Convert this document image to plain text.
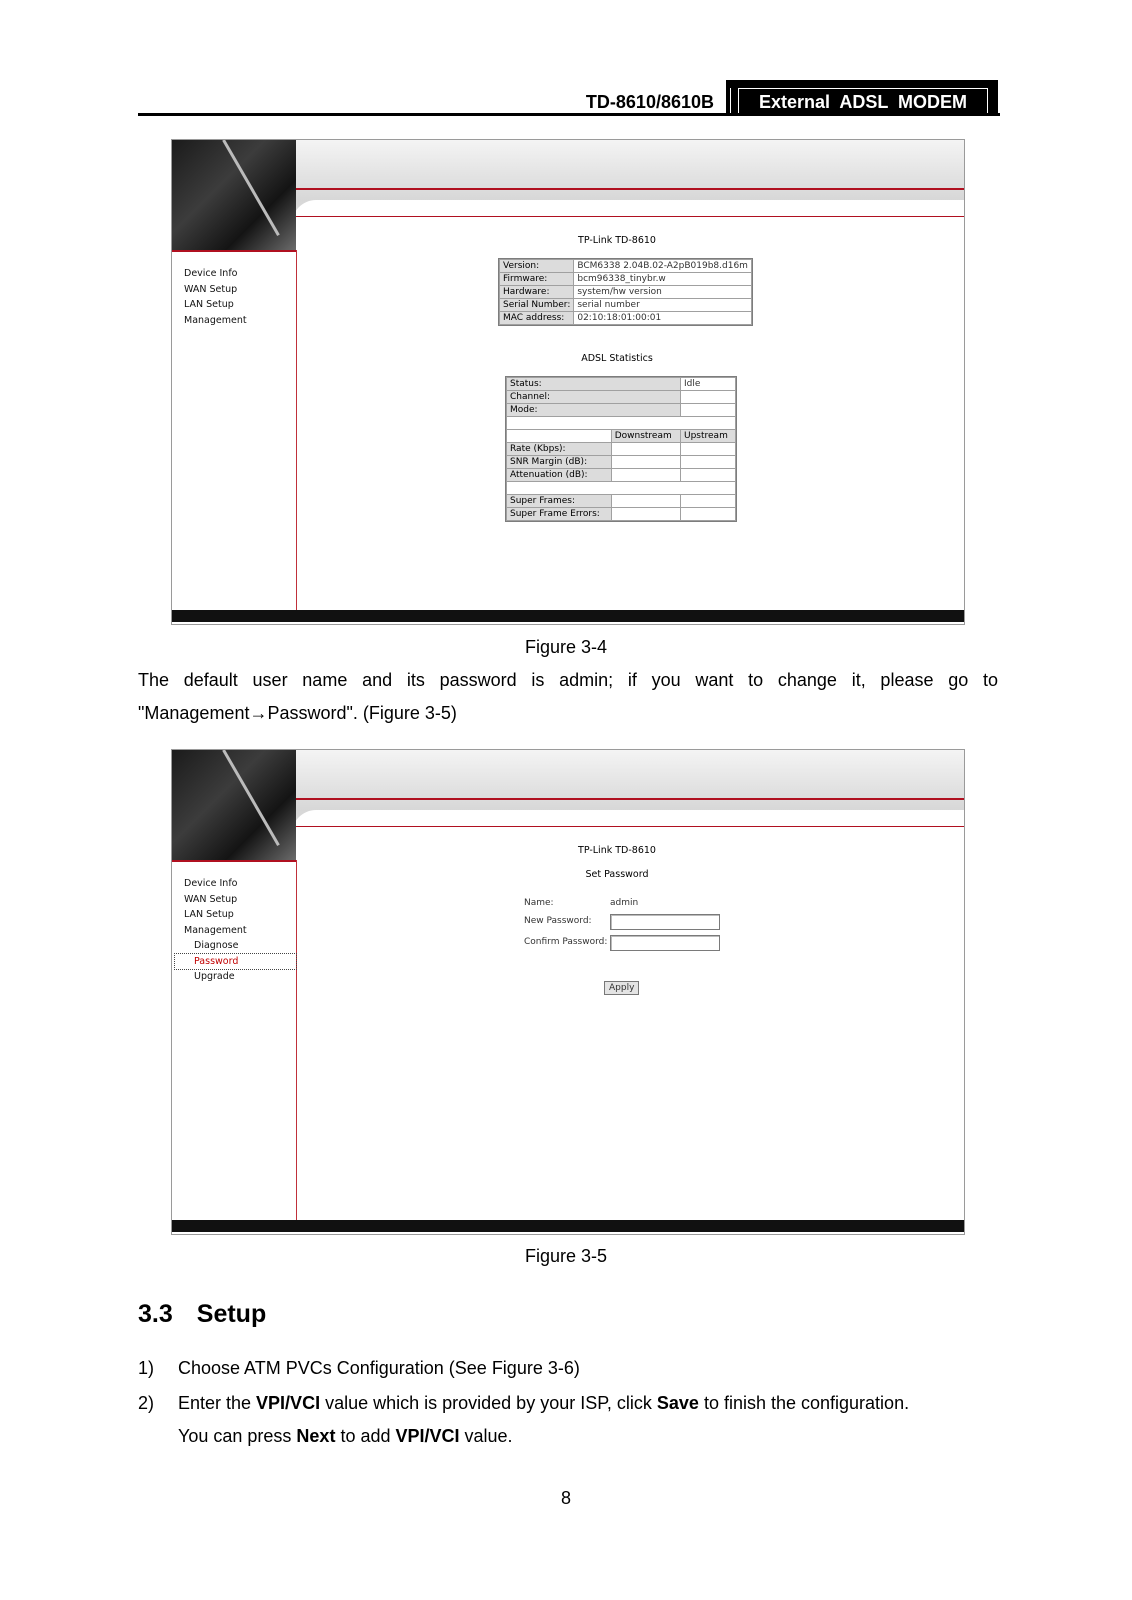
TD-8610/8610B	External  ADSL  MODEM
Device Info
WAN Setup
LAN Setup
Management
TP-Link TD-8610
Version:	BCM6338 2.04B.02-A2pB019b8.d16m
Firmware:	bcm96338_tinybr.w
Hardware:	system/hw version
Serial Number:	serial number
MAC address:	02:10:18:01:00:01
ADSL Statistics
Status:		Idle
Channel:		
Mode:		

	Downstream	Upstream
Rate (Kbps):		
SNR Margin (dB):		
Attenuation (dB):		

Super Frames:		
Super Frame Errors:		
Figure 3-4
The default user name and its password is admin; if you want to change it, please go to
"Management→Password". (Figure 3-5)
Device Info
WAN Setup
LAN Setup
Management
Diagnose
Password
Upgrade
TP-Link TD-8610
Set Password
Name:	admin
New Password:
Confirm Password:
Apply
Figure 3-5
3.3 Setup
1) Choose ATM PVCs Configuration (See Figure 3-6)
2) Enter the VPI/VCI value which is provided by your ISP, click Save to finish the configuration.
You can press Next to add VPI/VCI value.
8
